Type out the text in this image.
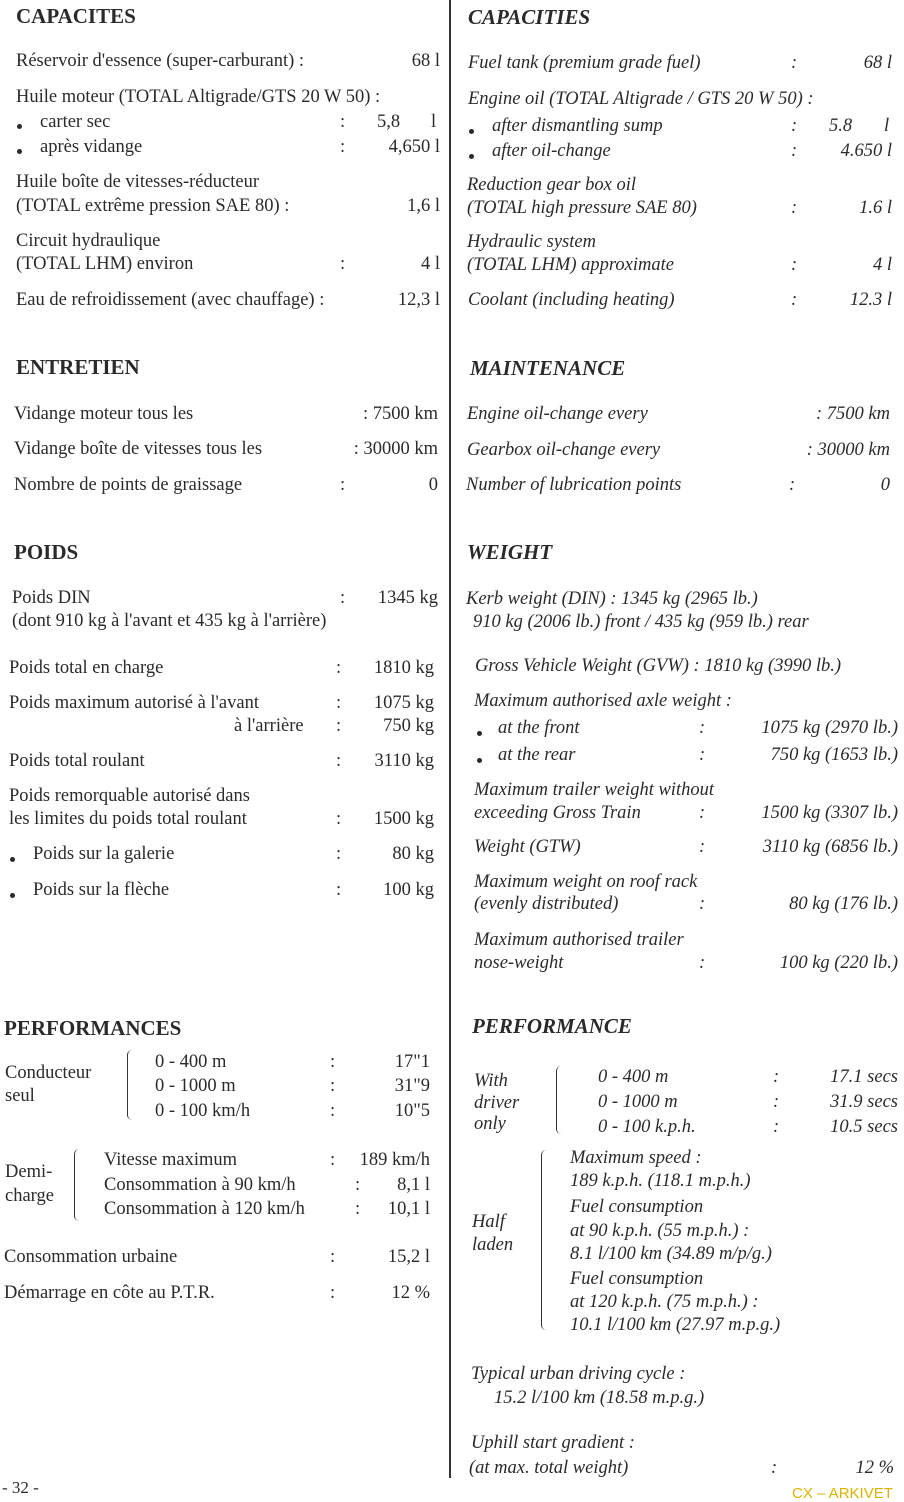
CAPACITES
Réservoir d'essence (super-carburant) :	68 l
Huile moteur (TOTAL Altigrade/GTS 20 W 50) :
carter sec	: 5,8 l
après vidange	: 4,650 l
Huile boîte de vitesses-réducteur
(TOTAL extrême pression SAE 80) :	1,6 l
Circuit hydraulique
(TOTAL LHM) environ	:	4 l
Eau de refroidissement (avec chauffage) :	12,3 l
ENTRETIEN
Vidange moteur tous les	: 7500 km
Vidange boîte de vitesses tous les	: 30000 km
Nombre de points de graissage	:	0
POIDS
Poids DIN	: 1345 kg
(dont 910 kg à l'avant et 435 kg à l'arrière)
Poids total en charge	: 1810 kg
Poids maximum autorisé à l'avant	: 1075 kg
à l'arrière : 750 kg
Poids total roulant	: 3110 kg
Poids remorquable autorisé dans
les limites du poids total roulant	: 1500 kg
Poids sur la galerie	:	80 kg
Poids sur la flèche	: 100 kg
PERFORMANCES
Conducteur
seul
0 - 400 m	:	17"1
0 - 1000 m	:	31"9
0 - 100 km/h	:	10"5
Demi-
charge
Vitesse maximum	: 189 km/h
Consommation à 90 km/h	: 8,1 l
Consommation à 120 km/h	: 10,1 l
Consommation urbaine	:	15,2 l
Démarrage en côte au P.T.R.	:	12 %
CAPACITIES
Fuel tank (premium grade fuel)	:	68 l
Engine oil (TOTAL Altigrade / GTS 20 W 50) :
after dismantling sump	: 5.8 l
after oil-change	: 4.650 l
Reduction gear box oil
(TOTAL high pressure SAE 80)	:	1.6 l
Hydraulic system
(TOTAL LHM) approximate	:	4 l
Coolant (including heating)	:	12.3 l
MAINTENANCE
Engine oil-change every	: 7500 km
Gearbox oil-change every	: 30000 km
Number of lubrication points	:	0
WEIGHT
Kerb weight (DIN) : 1345 kg (2965 lb.)
910 kg (2006 lb.) front / 435 kg (959 lb.) rear
Gross Vehicle Weight (GVW) : 1810 kg (3990 lb.)
Maximum authorised axle weight :
at the front	:	1075 kg (2970 lb.)
at the rear	:	750 kg (1653 lb.)
Maximum trailer weight without
exceeding Gross Train	:	1500 kg (3307 lb.)
Weight (GTW)	:	3110 kg (6856 lb.)
Maximum weight on roof rack
(evenly distributed)	:	80 kg (176 lb.)
Maximum authorised trailer
nose-weight	:	100 kg (220 lb.)
PERFORMANCE
With
driver
only
0 - 400 m	:	17.1 secs
0 - 1000 m	:	31.9 secs
0 - 100 k.p.h.	:	10.5 secs
Half
laden
Maximum speed :
189 k.p.h. (118.1 m.p.h.)
Fuel consumption
at 90 k.p.h. (55 m.p.h.) :
8.1 l/100 km (34.89 m/p/g.)
Fuel consumption
at 120 k.p.h. (75 m.p.h.) :
10.1 l/100 km (27.97 m.p.g.)
Typical urban driving cycle :
15.2 l/100 km (18.58 m.p.g.)
Uphill start gradient :
(at max. total weight)	:	12 %
- 32 -	CX – ARKIVET
